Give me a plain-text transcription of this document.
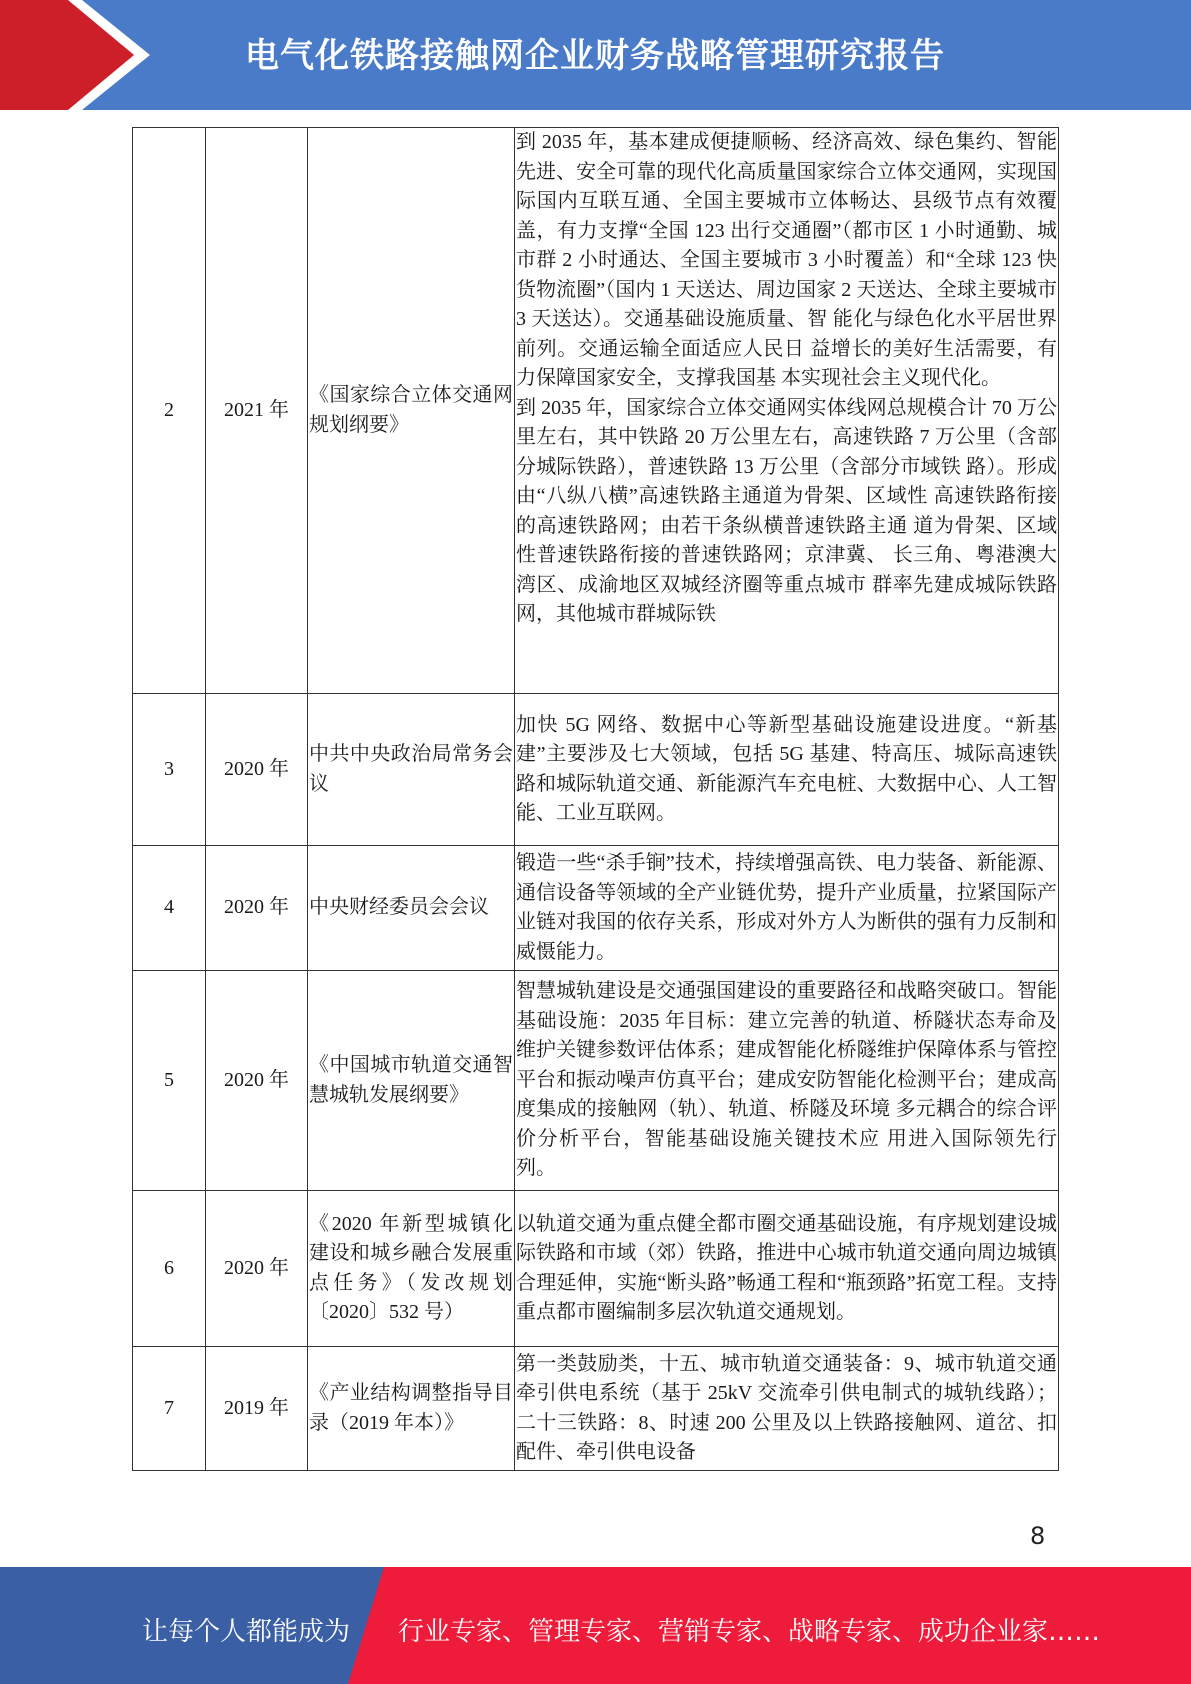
电气化铁路接触网企业财务战略管理研究报告
2	2021 年	《国家综合立体交通网规划纲要》	到 2035 年，基本建成便捷顺畅、经济高效、绿色集约、智能先进、安全可靠的现代化高质量国家综合立体交通网，实现国际国内互联互通、全国主要城市立体畅达、县级节点有效覆盖，有力支撑“全国 123 出行交通圈”（都市区 1 小时通勤、城市群 2 小时通达、全国主要城市 3 小时覆盖）和“全球 123 快货物流圈”（国内 1 天送达、周边国家 2 天送达、全球主要城市 3 天送达）。交通基础设施质量、智 能化与绿色化水平居世界前列。交通运输全面适应人民日 益增长的美好生活需要，有力保障国家安全，支撑我国基 本实现社会主义现代化。
到 2035 年，国家综合立体交通网实体线网总规模合计 70 万公里左右，其中铁路 20 万公里左右，高速铁路 7 万公里（含部分城际铁路），普速铁路 13 万公里（含部分市域铁 路）。形成由“八纵八横”高速铁路主通道为骨架、区域性 高速铁路衔接的高速铁路网；由若干条纵横普速铁路主通 道为骨架、区域性普速铁路衔接的普速铁路网；京津冀、 长三角、粤港澳大湾区、成渝地区双城经济圈等重点城市 群率先建成城际铁路网，其他城市群城际铁

3	2020 年	中共中央政治局常务会议	加快 5G 网络、数据中心等新型基础设施建设进度。“新基建”主要涉及七大领域，包括 5G 基建、特高压、城际高速铁路和城际轨道交通、新能源汽车充电桩、大数据中心、人工智能、工业互联网。
4	2020 年	中央财经委员会会议	锻造一些“杀手锏”技术，持续增强高铁、电力装备、新能源、通信设备等领域的全产业链优势，提升产业质量，拉紧国际产业链对我国的依存关系，形成对外方人为断供的强有力反制和威慑能力。
5	2020 年	《中国城市轨道交通智慧城轨发展纲要》	智慧城轨建设是交通强国建设的重要路径和战略突破口。智能基础设施：2035 年目标：建立完善的轨道、桥隧状态寿命及维护关键参数评估体系；建成智能化桥隧维护保障体系与管控平台和振动噪声仿真平台；建成安防智能化检测平台；建成高度集成的接触网（轨）、轨道、桥隧及环境 多元耦合的综合评价分析平台，智能基础设施关键技术应 用进入国际领先行列。
6	2020 年	《2020 年新型城镇化建设和城乡融合发展重点任务》（发改规划〔2020〕532 号）	以轨道交通为重点健全都市圈交通基础设施，有序规划建设城际铁路和市域（郊）铁路，推进中心城市轨道交通向周边城镇合理延伸，实施“断头路”畅通工程和“瓶颈路”拓宽工程。支持重点都市圈编制多层次轨道交通规划。
7	2019 年	《产业结构调整指导目录（2019 年本）》	第一类鼓励类，十五、城市轨道交通装备：9、城市轨道交通牵引供电系统（基于 25kV 交流牵引供电制式的城轨线路）；二十三铁路：8、时速 200 公里及以上铁路接触网、道岔、扣配件、牵引供电设备
8
让每个人都能成为 行业专家、管理专家、营销专家、战略专家、成功企业家……
